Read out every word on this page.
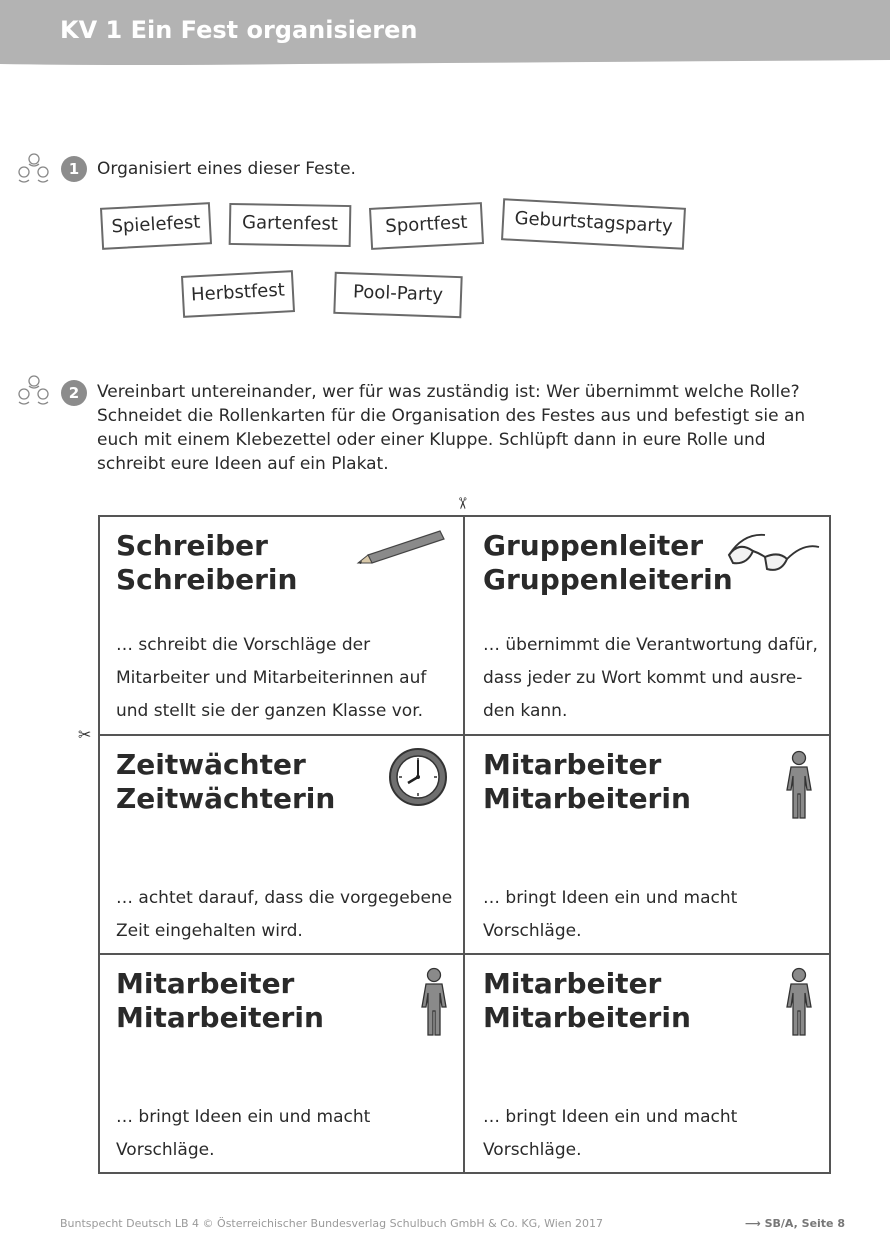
KV 1 Ein Fest organisieren
1	Organisiert eines dieser Feste.
Spielefest	Gartenfest	Sportfest	Geburtstagsparty
Herbstfest	Pool-Party
2	Vereinbart untereinander, wer für was zuständig ist: Wer übernimmt welche Rolle? Schneidet die Rollenkarten für die Organisation des Festes aus und befestigt sie an euch mit einem Klebezettel oder einer Kluppe. Schlüpft dann in eure Rolle und schreibt eure Ideen auf ein Plakat.
✂
✂
Schreiber
Schreiberin
… schreibt die Vorschläge der Mitarbeiter und Mitarbeiterinnen auf und stellt sie der ganzen Klasse vor.
Gruppenleiter
Gruppenleiterin
… übernimmt die Verantwortung dafür, dass jeder zu Wort kommt und ausre-den kann.
Zeitwächter
Zeitwächterin
… achtet darauf, dass die vorgegebene Zeit eingehalten wird.
Mitarbeiter
Mitarbeiterin
… bringt Ideen ein und macht Vorschläge.
Mitarbeiter
Mitarbeiterin
… bringt Ideen ein und macht Vorschläge.
Mitarbeiter
Mitarbeiterin
… bringt Ideen ein und macht Vorschläge.
Buntspecht Deutsch LB 4 © Österreichischer Bundesverlag Schulbuch GmbH & Co. KG, Wien 2017	⟶ SB/A, Seite 8
